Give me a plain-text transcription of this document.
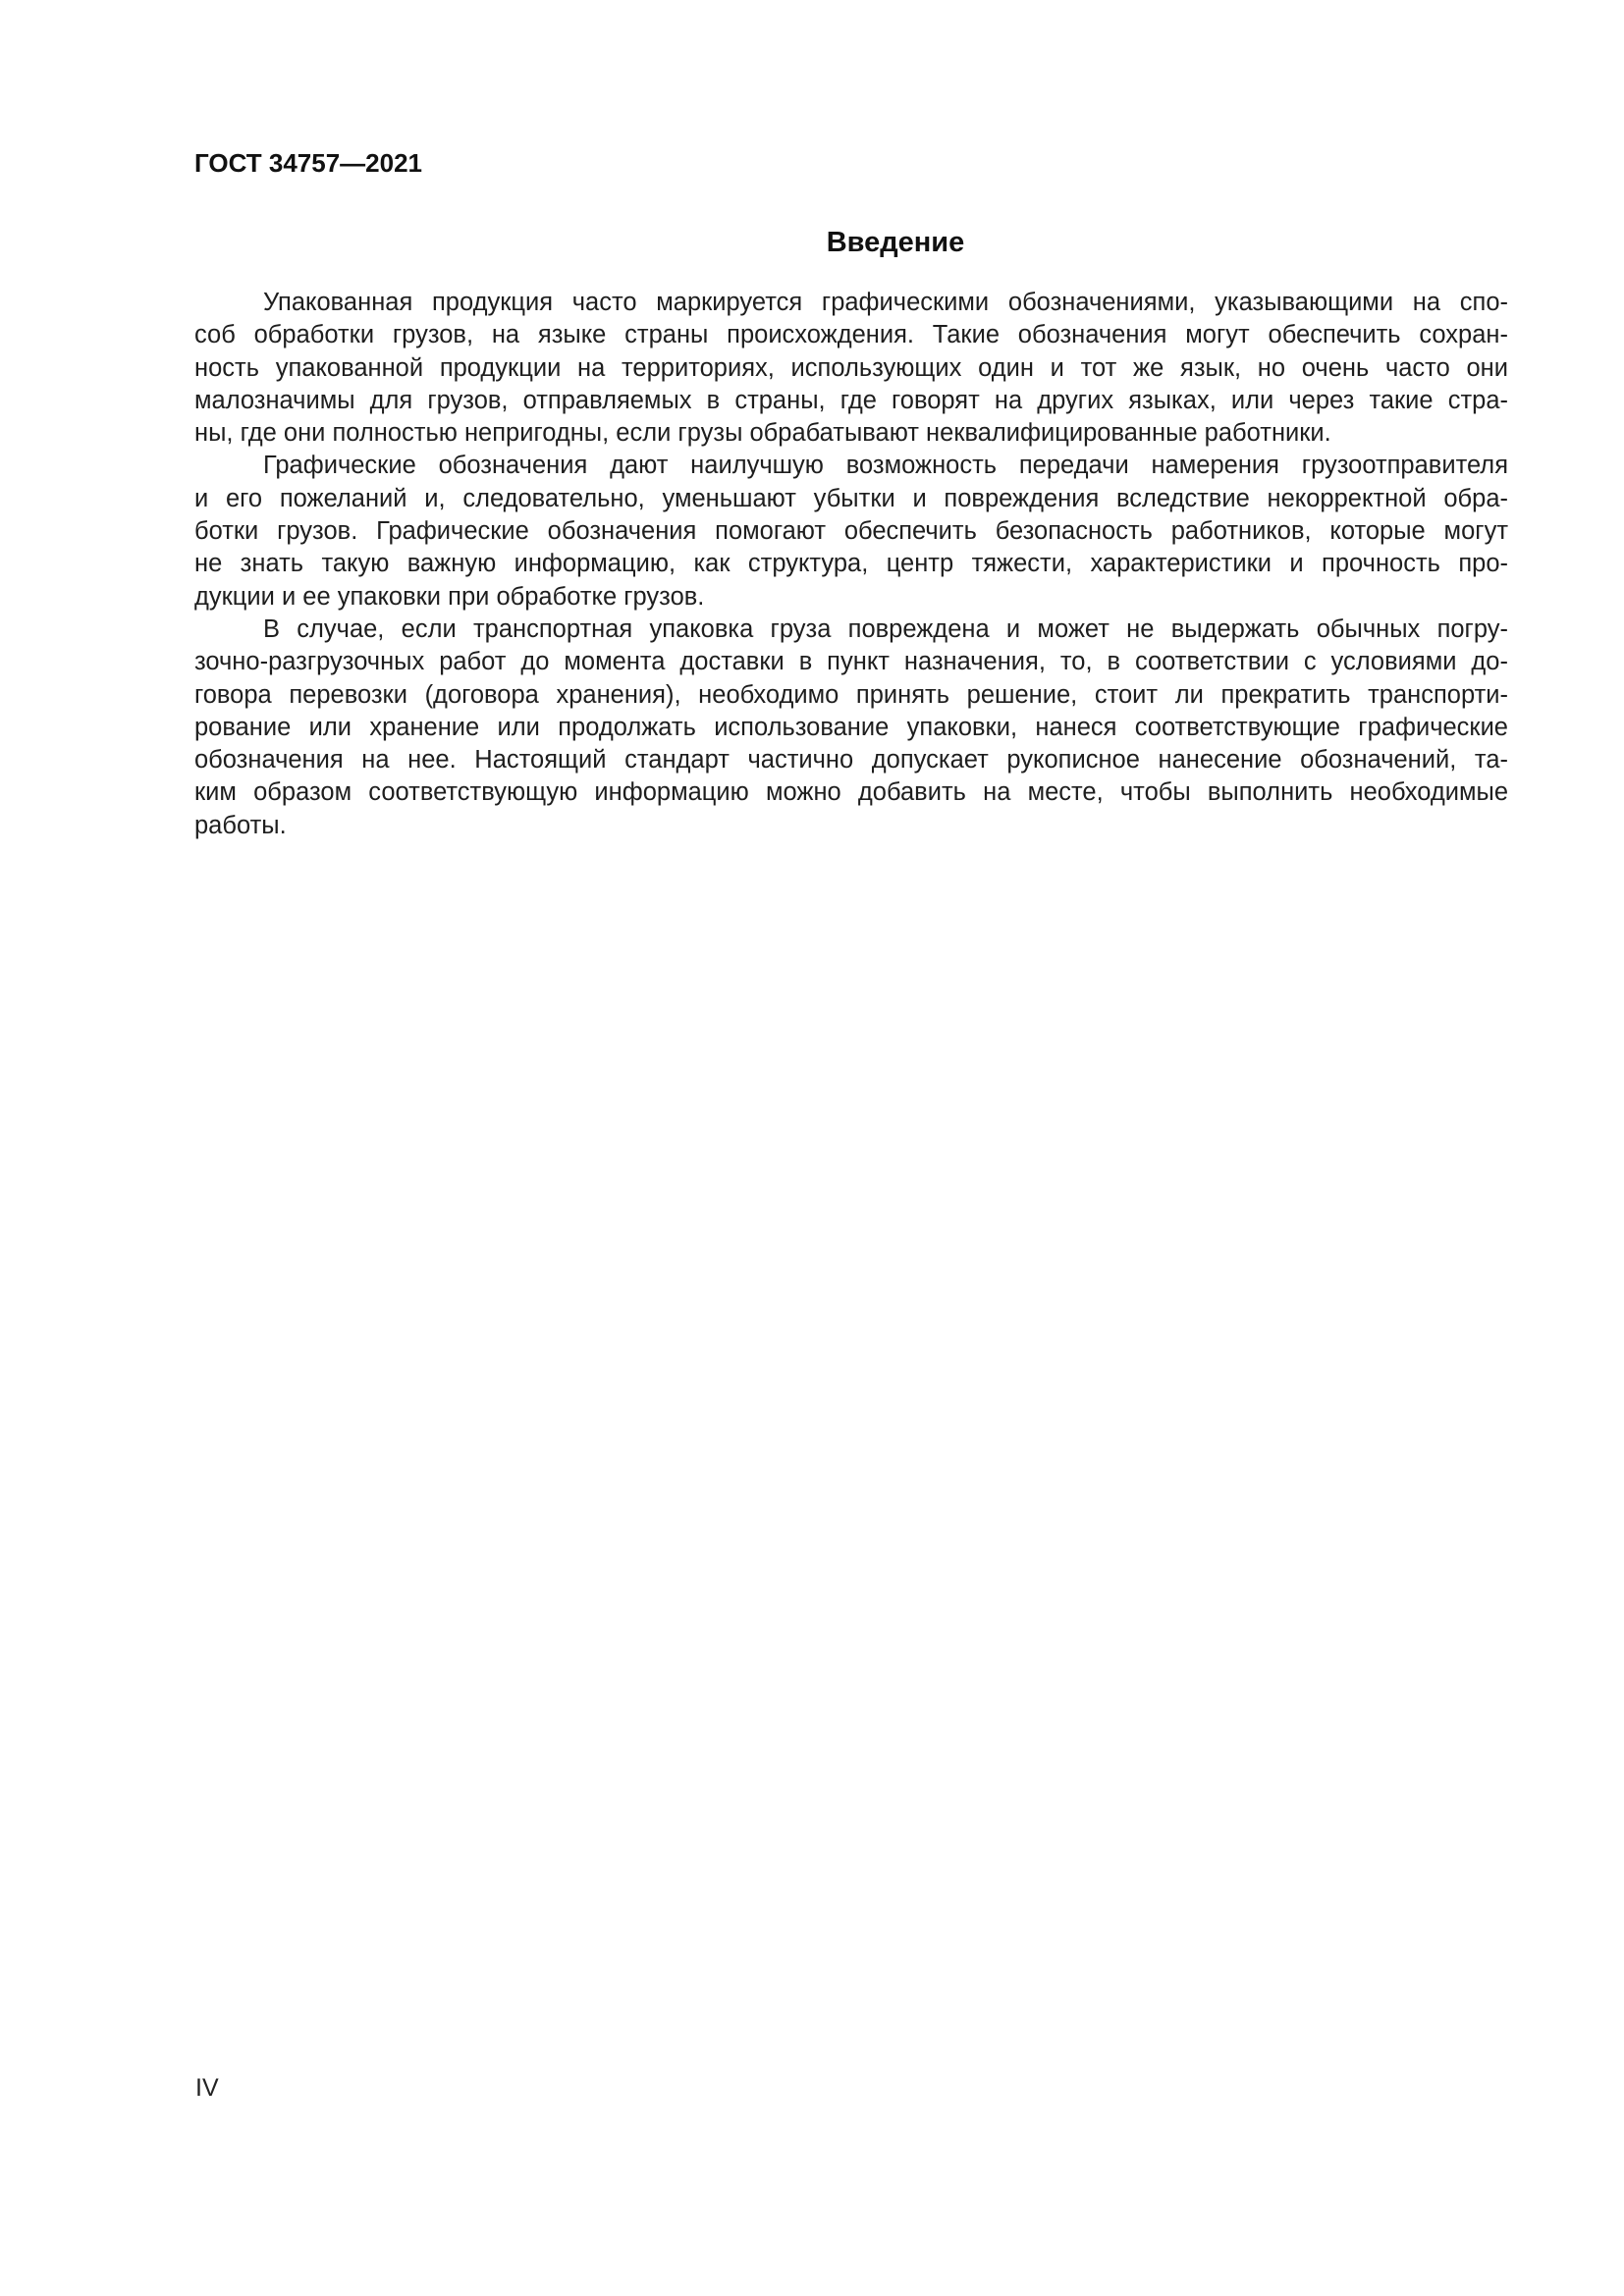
ГОСТ 34757—2021
Введение
Упакованная продукция часто маркируется графическими обозначениями, указывающими на спо-
соб обработки грузов, на языке страны происхождения. Такие обозначения могут обеспечить сохран-
ность упакованной продукции на территориях, использующих один и тот же язык, но очень часто они
малозначимы для грузов, отправляемых в страны, где говорят на других языках, или через такие стра-
ны, где они полностью непригодны, если грузы обрабатывают неквалифицированные работники.
Графические обозначения дают наилучшую возможность передачи намерения грузоотправителя
и его пожеланий и, следовательно, уменьшают убытки и повреждения вследствие некорректной обра-
ботки грузов. Графические обозначения помогают обеспечить безопасность работников, которые могут
не знать такую важную информацию, как структура, центр тяжести, характеристики и прочность про-
дукции и ее упаковки при обработке грузов.
В случае, если транспортная упаковка груза повреждена и может не выдержать обычных погру-
зочно-разгрузочных работ до момента доставки в пункт назначения, то, в соответствии с условиями до-
говора перевозки (договора хранения), необходимо принять решение, стоит ли прекратить транспорти-
рование или хранение или продолжать использование упаковки, нанеся соответствующие графические
обозначения на нее. Настоящий стандарт частично допускает рукописное нанесение обозначений, та-
ким образом соответствующую информацию можно добавить на месте, чтобы выполнить необходимые
работы.
IV
